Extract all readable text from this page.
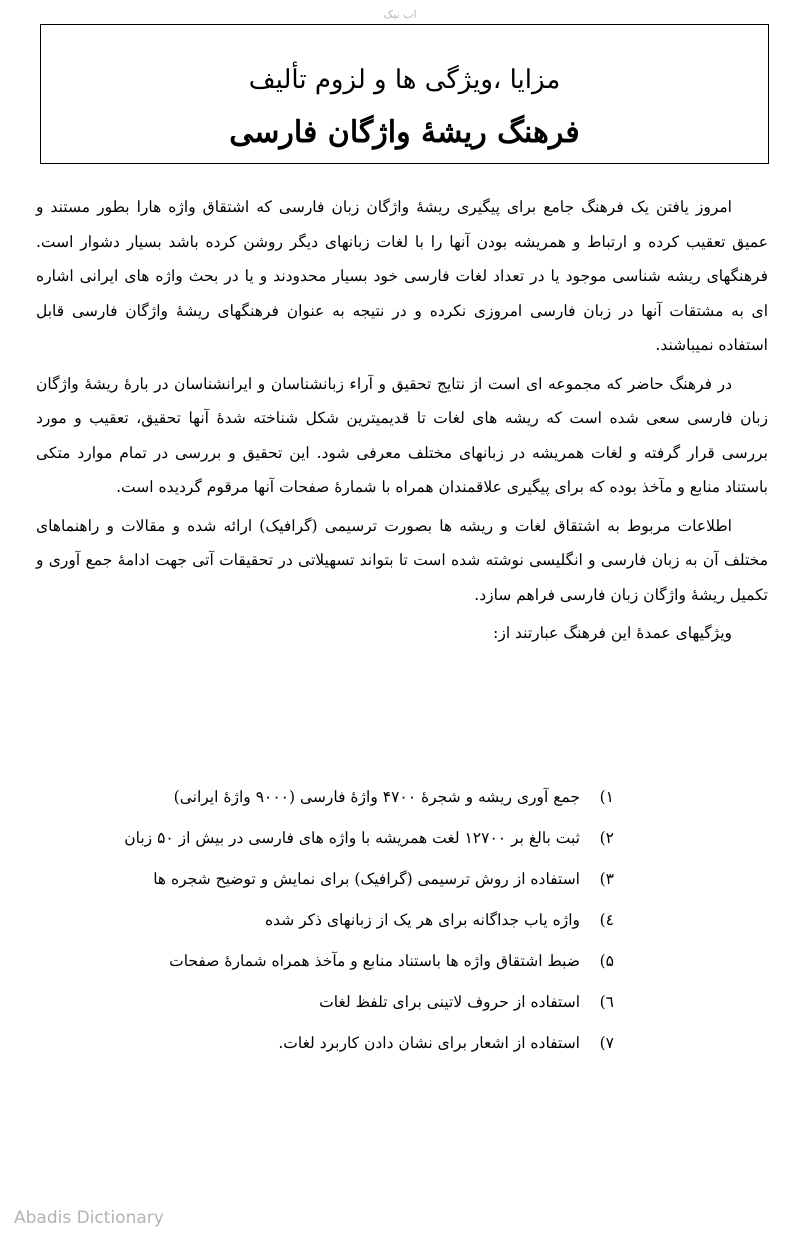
اب نیک
مزایا ،ویژگی ها و لزوم تألیف
فرهنگ ریشهٔ واژگان فارسی

امروز یافتن یک فرهنگ جامع برای پیگیری ریشهٔ واژگان زبان فارسی که اشتقاق واژه هارا بطور مستند و عمیق تعقیب کرده و ارتباط و همریشه بودن آنها را با لغات زبانهای دیگر روشن کرده باشد بسیار دشوار است. فرهنگهای ریشه شناسی موجود یا در تعداد لغات فارسی خود بسیار محدودند و یا در بحث واژه های ایرانی اشاره ای به مشتقات آنها در زبان فارسی امروزی نکرده و در نتیجه به عنوان فرهنگهای ریشهٔ واژگان فارسی قابل استفاده نمیباشند.

در فرهنگ حاضر که مجموعه ای است از نتایج تحقیق و آراء زبانشناسان و ایرانشناسان در بارهٔ ریشهٔ واژگان زبان فارسی سعی شده است که ریشه های لغات تا قدیمیترین شکل شناخته شدهٔ آنها تحقیق، تعقیب و مورد بررسی قرار گرفته و لغات همریشه در زبانهای مختلف معرفی شود. این تحقیق و بررسی در تمام موارد متکی باستناد منابع و مآخذ بوده که برای پیگیری علاقمندان همراه با شمارهٔ صفحات آنها مرقوم گردیده است.

اطلاعات مربوط به اشتقاق لغات و ریشه ها بصورت ترسیمی (گرافیک) ارائه شده و مقالات و راهنماهای مختلف آن به زبان فارسی و انگلیسی نوشته شده است تا بتواند تسهیلاتی در تحقیقات آتی جهت ادامهٔ جمع آوری و تکمیل ریشهٔ واژگان زبان فارسی فراهم سازد.

ویژگیهای عمدهٔ این فرهنگ عبارتند از:

۱)
جمع آوری ریشه و شجرهٔ ۴۷۰۰ واژهٔ فارسی (۹۰۰۰ واژهٔ ایرانی)
۲)
ثبت بالغ بر ۱۲۷۰۰ لغت همریشه با واژه های فارسی در بیش از ۵۰ زبان
۳)
استفاده از روش ترسیمی (گرافیک) برای نمایش و توضیح شجره ها
٤)
واژه یاب جداگانه برای هر یک از زبانهای ذکر شده
۵)
ضبط اشتقاق واژه ها باستناد منابع و مآخذ همراه شمارهٔ صفحات
٦)
استفاده از حروف لاتینی برای تلفظ لغات
۷)
استفاده از اشعار برای نشان دادن کاربرد لغات.
Abadis Dictionary
